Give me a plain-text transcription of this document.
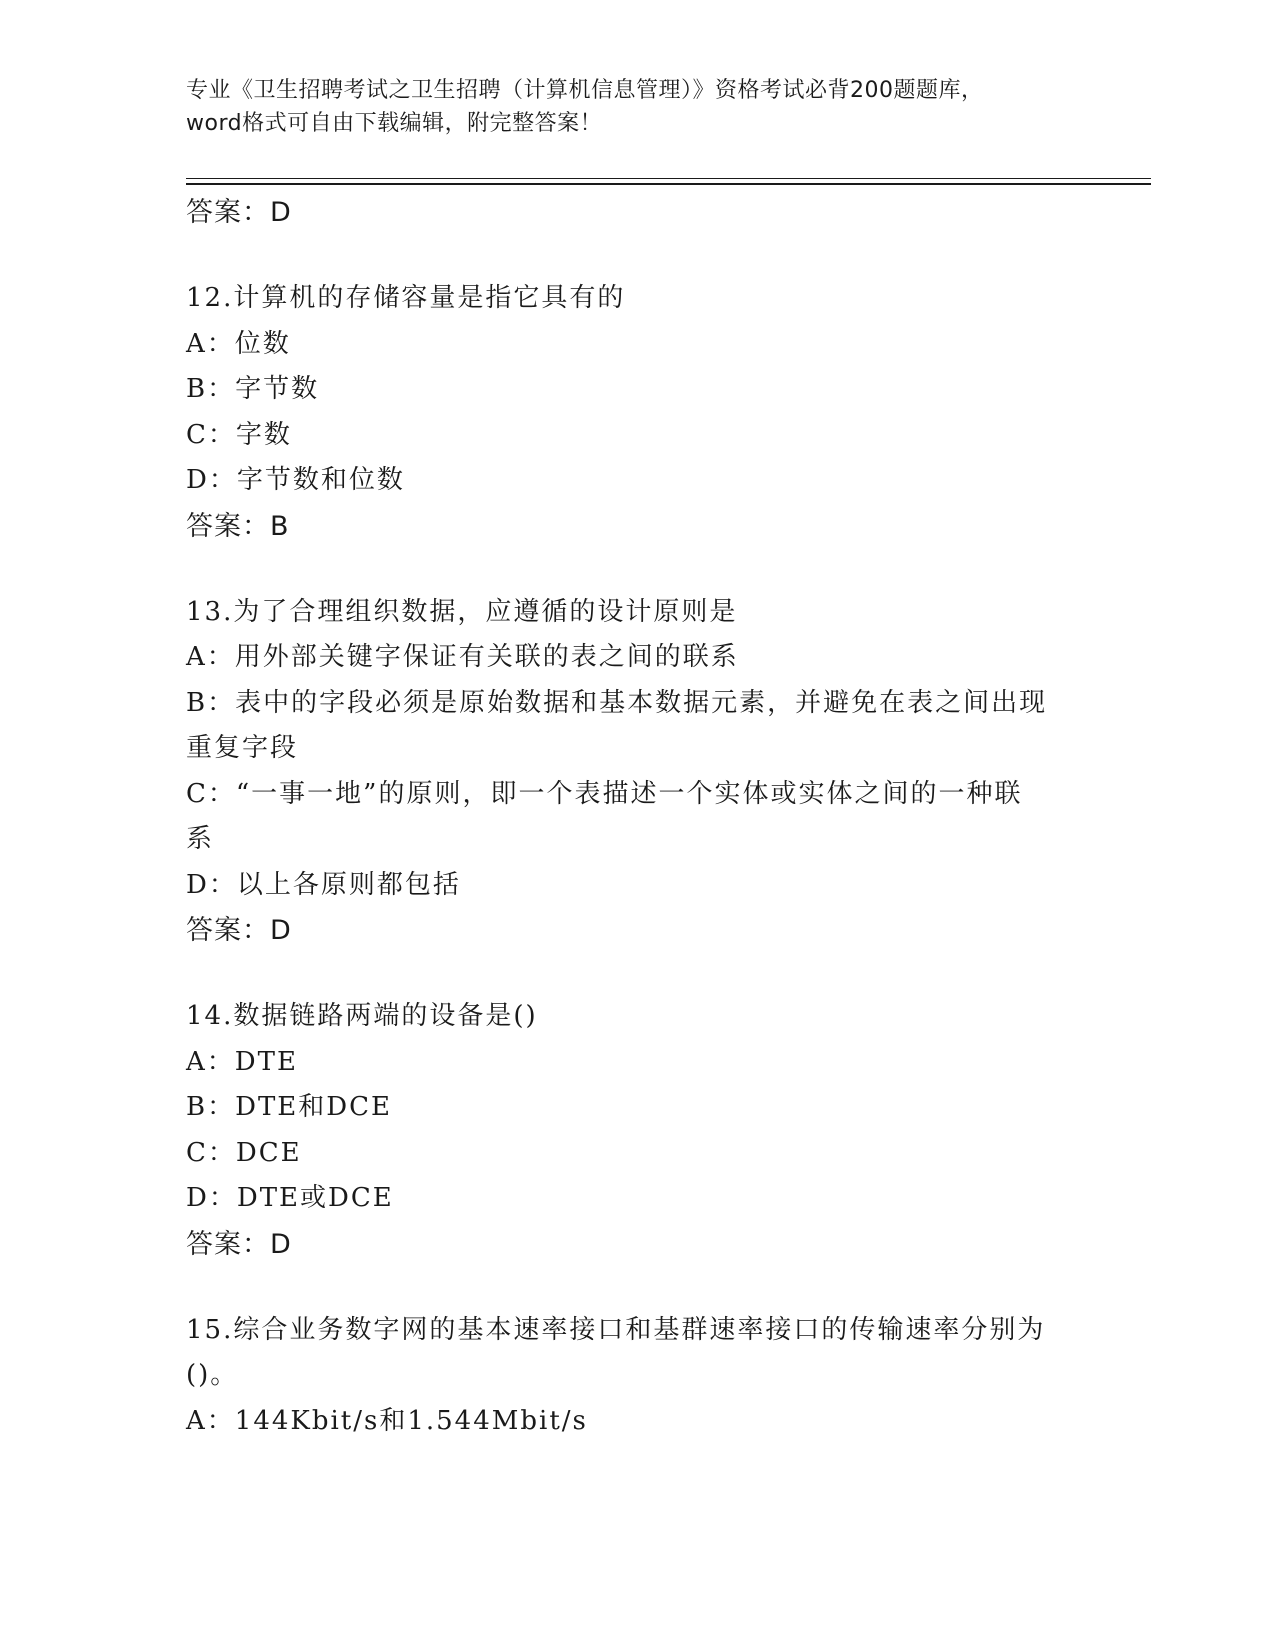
专业《卫生招聘考试之卫生招聘（计算机信息管理）》资格考试必背200题题库，
word格式可自由下载编辑，附完整答案！

答案：D

12.计算机的存储容量是指它具有的

A：位数

B：字节数

C：字数

D：字节数和位数

答案：B

13.为了合理组织数据，应遵循的设计原则是

A：用外部关键字保证有关联的表之间的联系

B：表中的字段必须是原始数据和基本数据元素，并避免在表之间出现

重复字段

C：“一事一地”的原则，即一个表描述一个实体或实体之间的一种联

系

D：以上各原则都包括

答案：D

14.数据链路两端的设备是()

A：DTE

B：DTE和DCE

C：DCE

D：DTE或DCE

答案：D

15.综合业务数字网的基本速率接口和基群速率接口的传输速率分别为

()。

A：144Kbit/s和1.544Mbit/s
